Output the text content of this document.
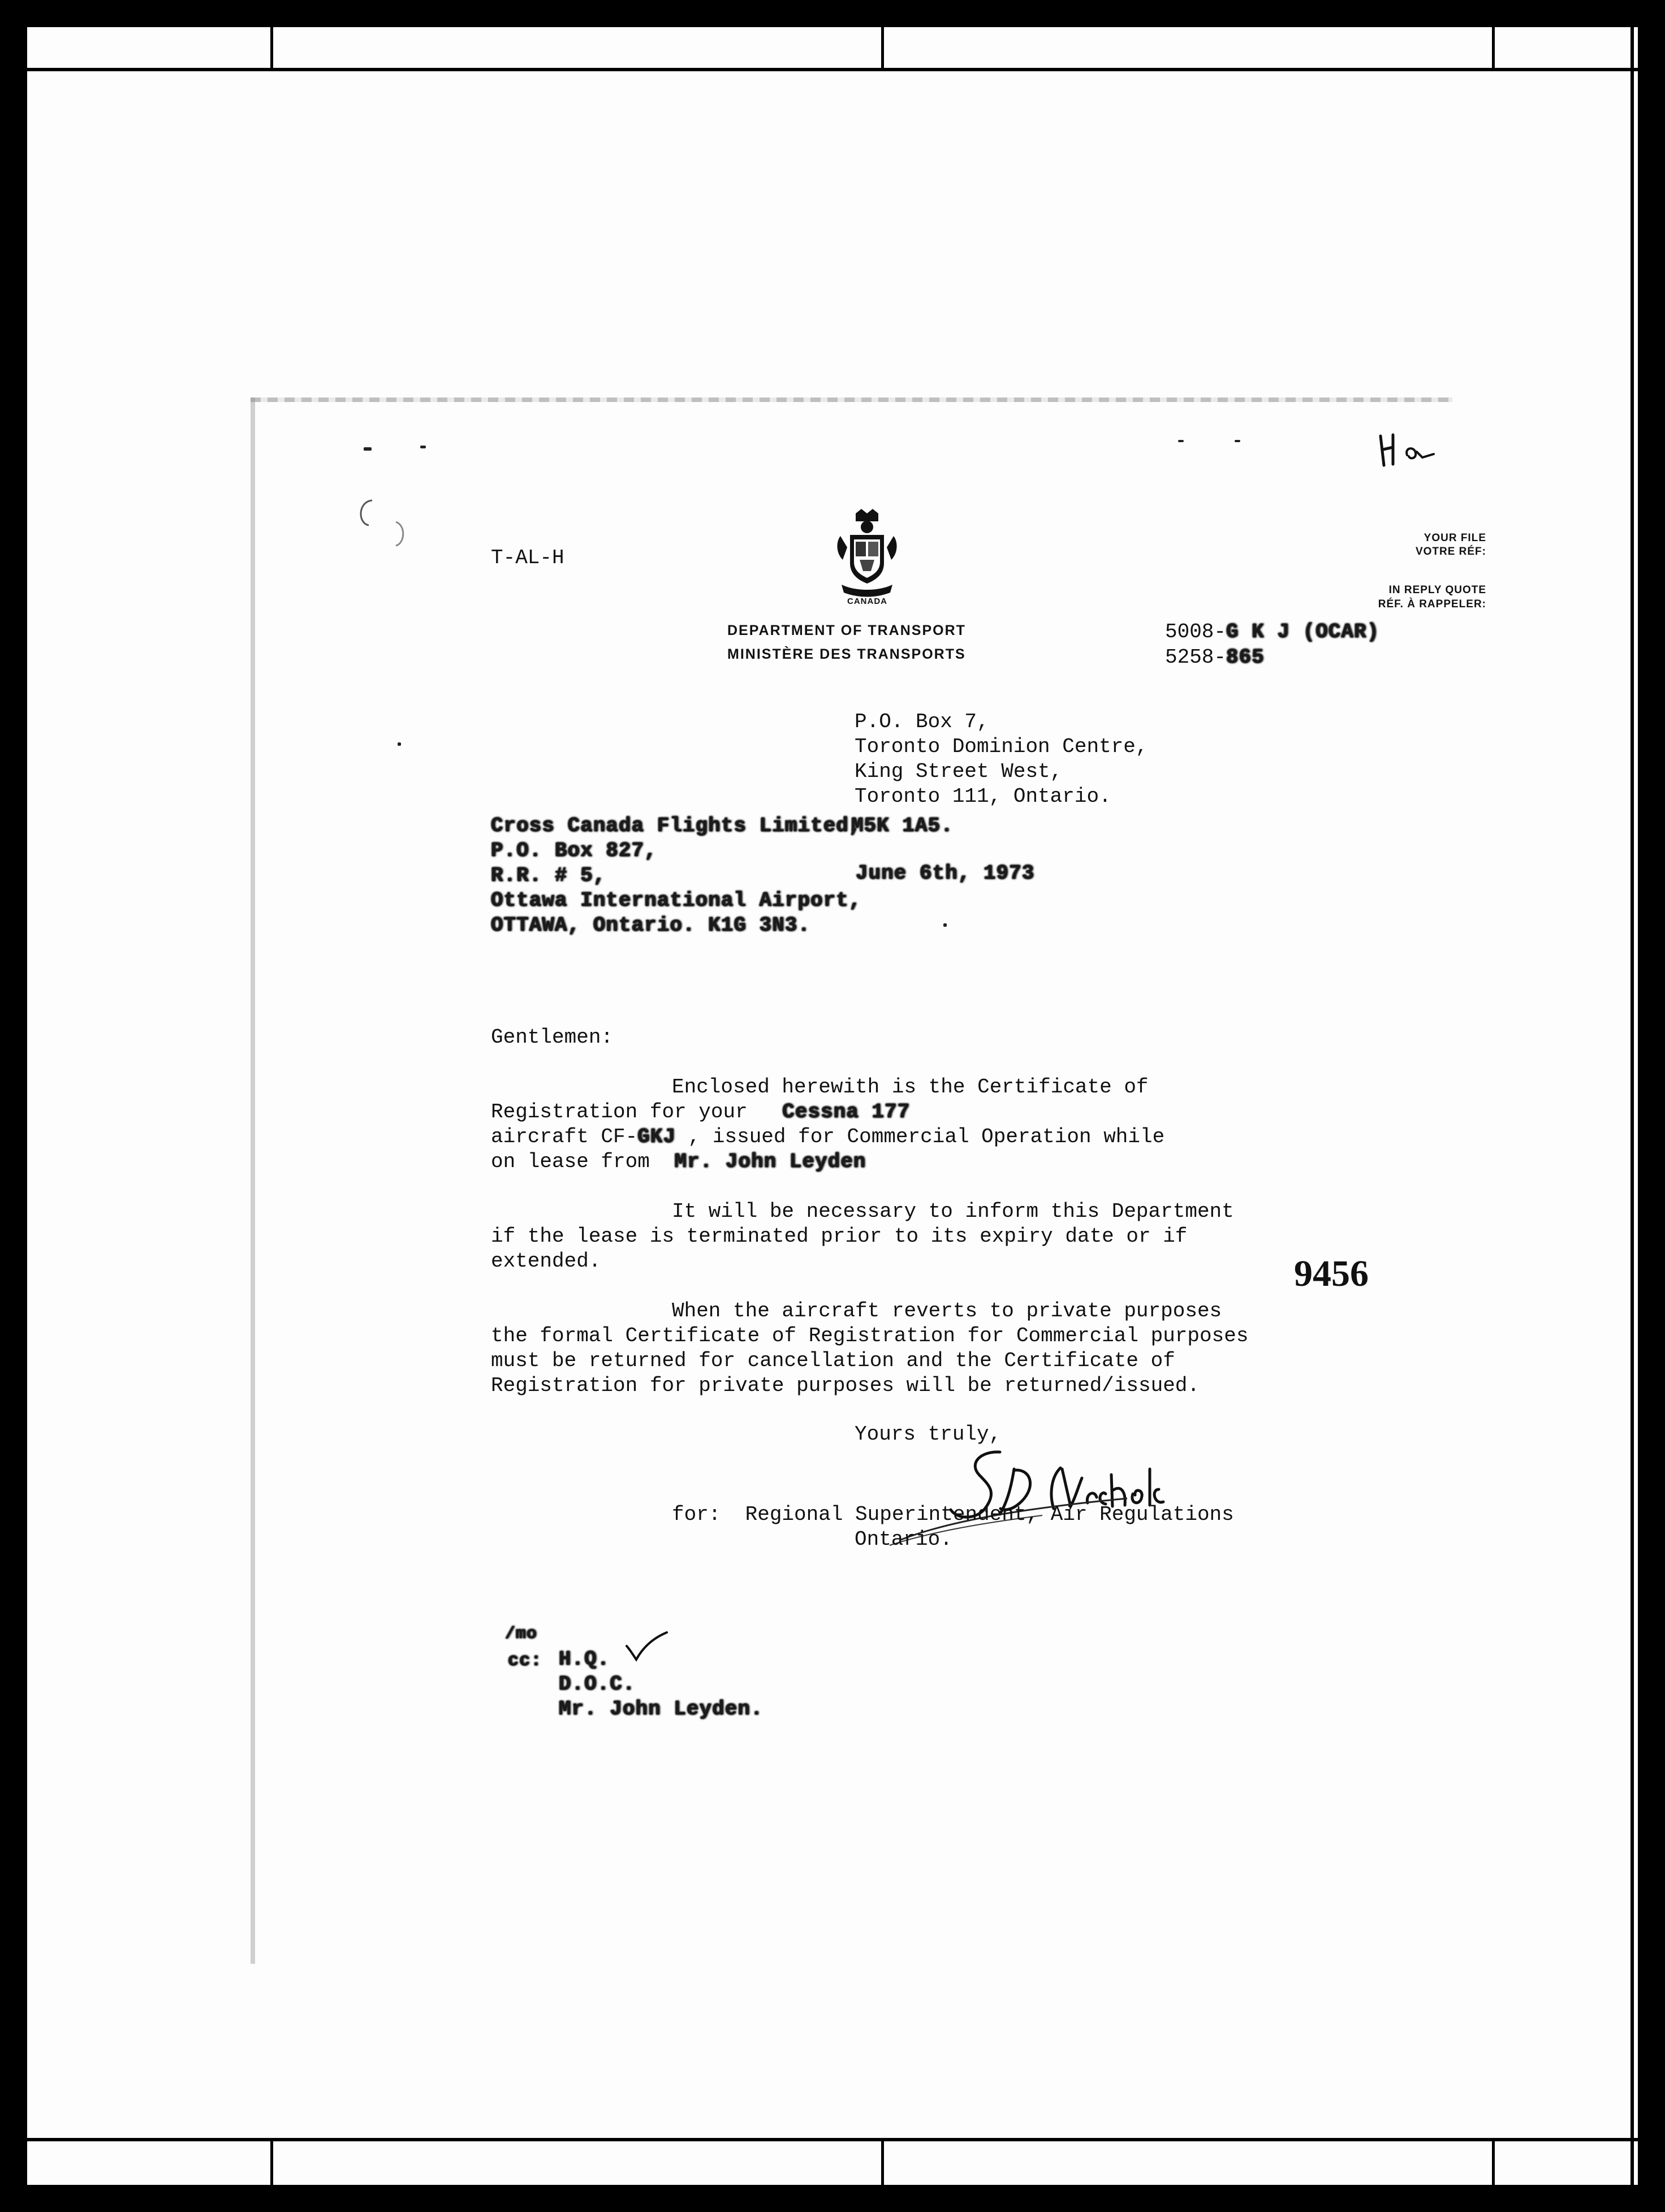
T-AL-H
CANADA
DEPARTMENT OF TRANSPORT
MINISTÈRE DES TRANSPORTS
YOUR FILE
VOTRE RÉF:
IN REPLY QUOTE
RÉF. À RAPPELER:
5008-G K J (OCAR)
5258-865
P.O. Box 7,
Toronto Dominion Centre,
King Street West,
Toronto 111, Ontario.
Cross Canada Flights Limited,
M5K 1A5.
P.O. Box 827,
R.R. # 5,	June 6th, 1973
Ottawa International Airport,
OTTAWA, Ontario. K1G 3N3.
Gentlemen:
Enclosed herewith is the Certificate of
Registration for your Cessna 177
aircraft CF-GKJ , issued for Commercial Operation while
on lease from Mr. John Leyden
It will be necessary to inform this Department
if the lease is terminated prior to its expiry date or if
extended.	9456
When the aircraft reverts to private purposes
the formal Certificate of Registration for Commercial purposes
must be returned for cancellation and the Certificate of
Registration for private purposes will be returned/issued.
Yours truly,
for:  Regional Superintendent, Air Regulations
Ontario.
/mo
cc: H.Q.
D.O.C.
Mr. John Leyden.
